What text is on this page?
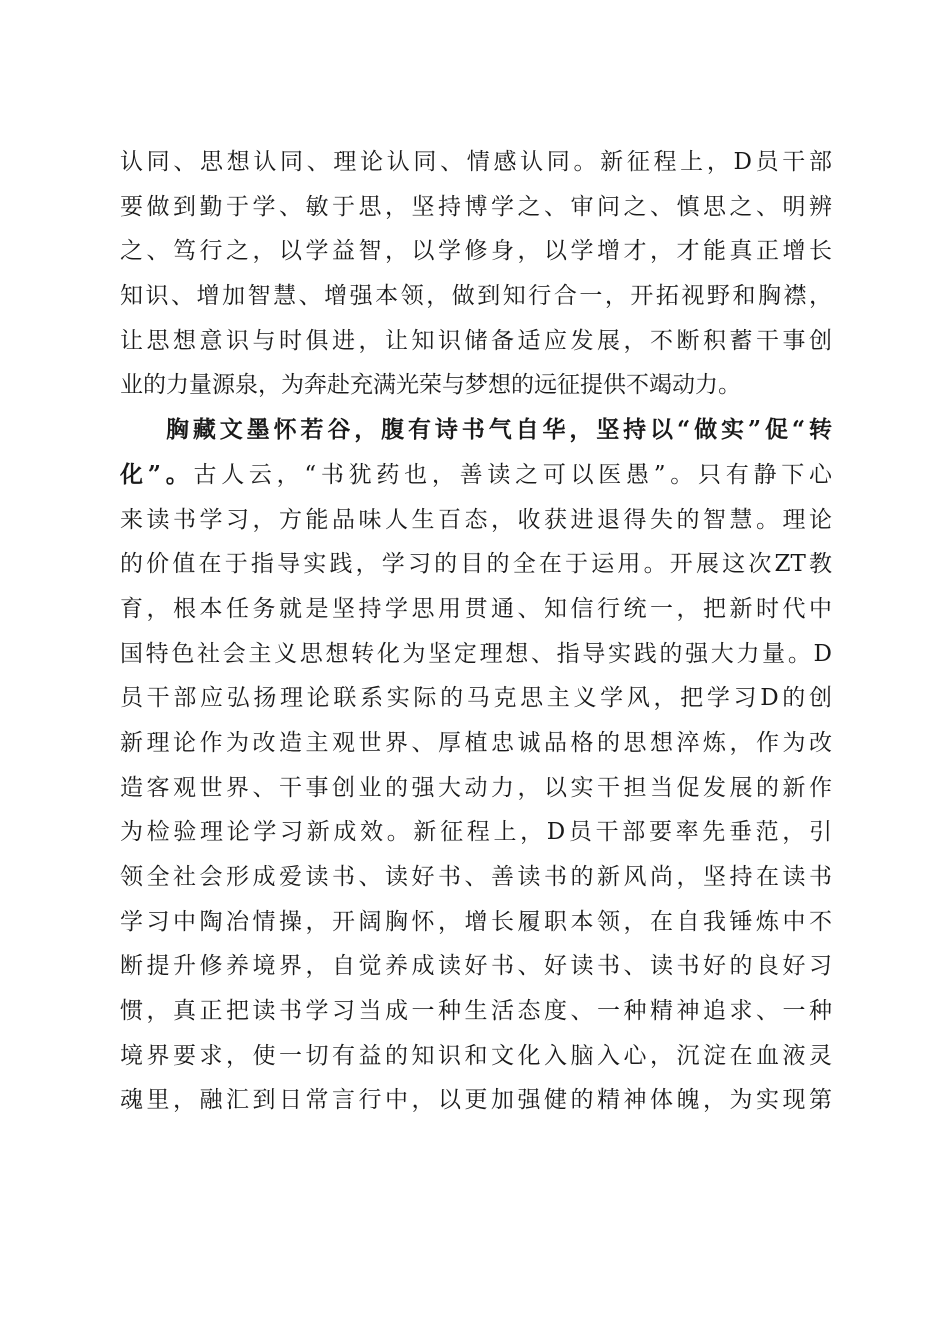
认同、思想认同、理论认同、情感认同。新征程上，D员干部
要做到勤于学、敏于思，坚持博学之、审问之、慎思之、明辨
之、笃行之，以学益智，以学修身，以学增才，才能真正增长
知识、增加智慧、增强本领，做到知行合一，开拓视野和胸襟，
让思想意识与时俱进，让知识储备适应发展，不断积蓄干事创
业的力量源泉，为奔赴充满光荣与梦想的远征提供不竭动力。
胸藏文墨怀若谷，腹有诗书气自华，坚持以“做实”促“转
化”。古人云，“书犹药也，善读之可以医愚”。只有静下心
来读书学习，方能品味人生百态，收获进退得失的智慧。理论
的价值在于指导实践，学习的目的全在于运用。开展这次ZT教
育，根本任务就是坚持学思用贯通、知信行统一，把新时代中
国特色社会主义思想转化为坚定理想、指导实践的强大力量。D
员干部应弘扬理论联系实际的马克思主义学风，把学习D的创
新理论作为改造主观世界、厚植忠诚品格的思想淬炼，作为改
造客观世界、干事创业的强大动力，以实干担当促发展的新作
为检验理论学习新成效。新征程上，D员干部要率先垂范，引
领全社会形成爱读书、读好书、善读书的新风尚，坚持在读书
学习中陶冶情操，开阔胸怀，增长履职本领，在自我锤炼中不
断提升修养境界，自觉养成读好书、好读书、读书好的良好习
惯，真正把读书学习当成一种生活态度、一种精神追求、一种
境界要求，使一切有益的知识和文化入脑入心，沉淀在血液灵
魂里，融汇到日常言行中，以更加强健的精神体魄，为实现第
